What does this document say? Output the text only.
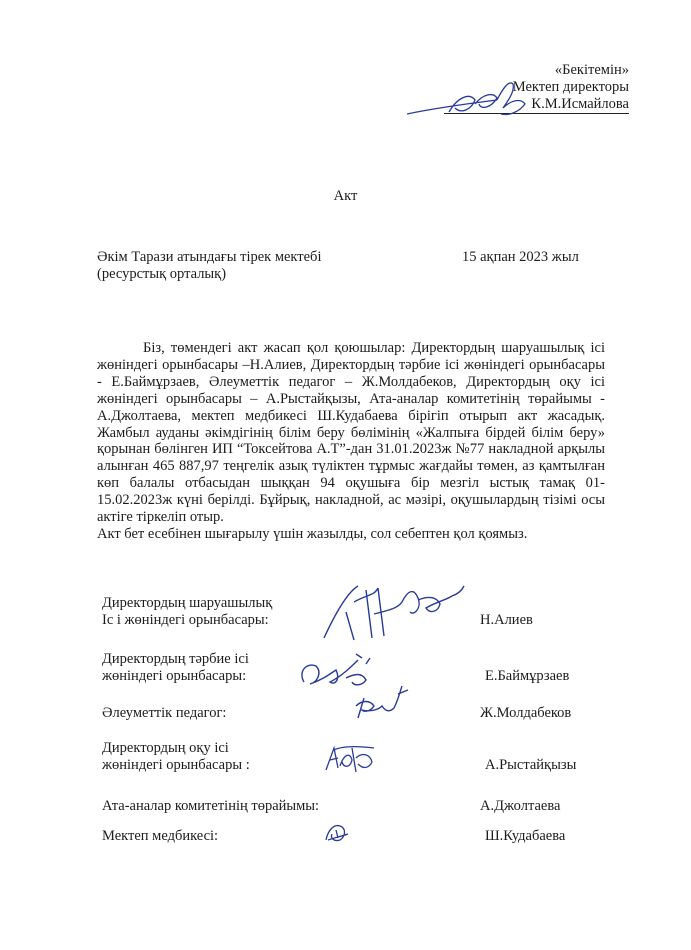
«Бекітемін»
Мектеп директоры
К.М.Исмайлова
Акт
Әкім Тарази атындағы тірек мектебі
(ресурстық орталық)
15 ақпан 2023 жыл
Біз, төмендегі акт жасап қол қоюшылар: Директордың шаруашылық ісі жөніндегі орынбасары –Н.Алиев, Директордың тәрбие ісі жөніндегі орынбасары - Е.Баймұрзаев, Әлеуметтік педагог – Ж.Молдабеков, Директордың оқу ісі жөніндегі орынбасары – А.Рыстайқызы, Ата-аналар комитетінің төрайымы - А.Джолтаева, мектеп медбикесі Ш.Кудабаева бірігіп отырып акт жасадық. Жамбыл ауданы әкімдігінің білім беру бөлімінің «Жалпыға бірдей білім беру» қорынан бөлінген ИП “Токсейтова А.Т”-дан 31.01.2023ж №77 накладной арқылы алынған 465 887,97 теңгелік азық түліктен тұрмыс жағдайы төмен, аз қамтылған көп балалы отбасыдан шыққан 94 оқушыға бір мезгіл ыстық тамақ 01-15.02.2023ж күні берілді. Бұйрық, накладной, ас мәзірі, оқушылардың тізімі осы актіге тіркеліп отыр.
Акт бет есебінен шығарылу үшін жазылды, сол себептен қол қоямыз.
Директордың шаруашылық
Іс і жөніндегі орынбасары:	Н.Алиев
Директордың тәрбие ісі
жөніндегі орынбасары:	Е.Баймұрзаев
Әлеуметтік педагог:	Ж.Молдабеков
Директордың оқу ісі
жөніндегі орынбасары :	А.Рыстайқызы
Ата-аналар комитетінің төрайымы:	А.Джолтаева
Мектеп медбикесі:	Ш.Кудабаева
